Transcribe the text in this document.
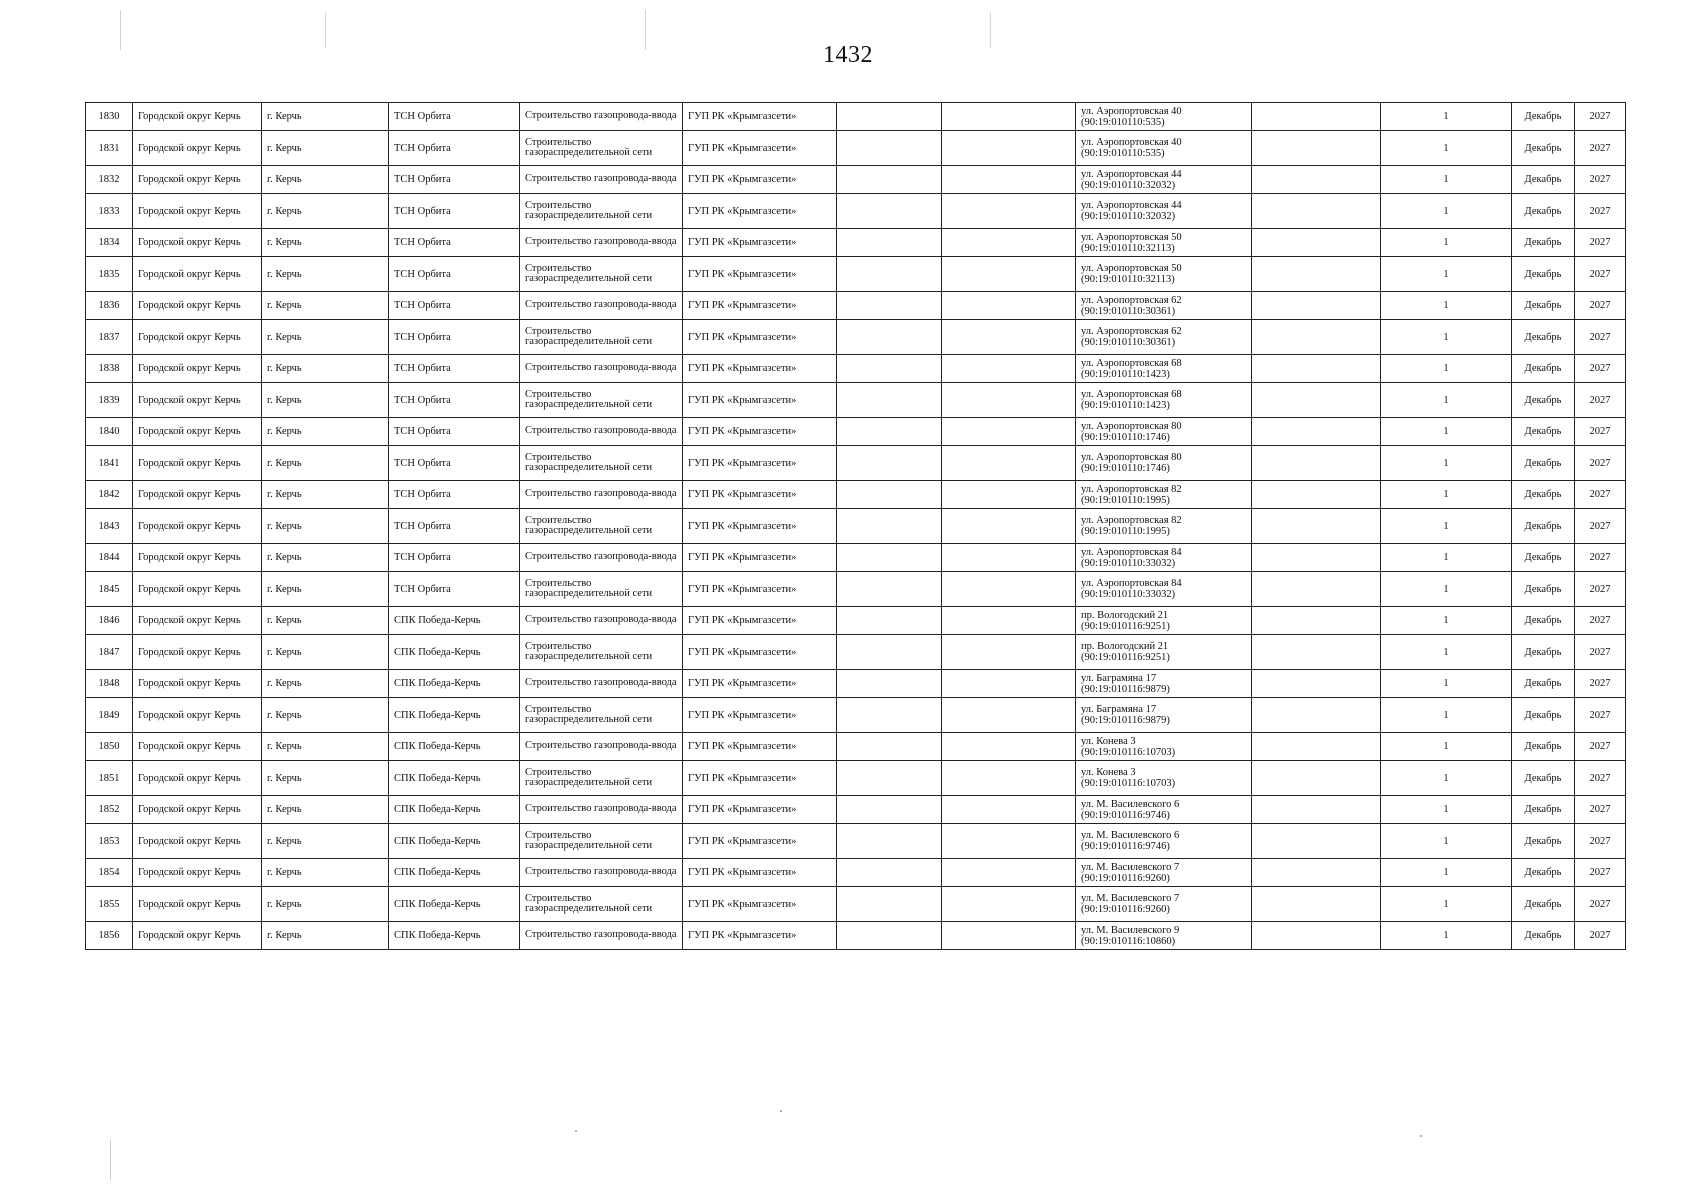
1432
1830	Городской округ Керчь	г. Керчь	ТСН Орбита	Строительство газопровода-ввода	ГУП РК «Крымгазсети»			ул. Аэропортовская 40
(90:19:010110:535)		1	Декабрь	2027
1831	Городской округ Керчь	г. Керчь	ТСН Орбита	Строительство газораспределительной сети	ГУП РК «Крымгазсети»			ул. Аэропортовская 40
(90:19:010110:535)		1	Декабрь	2027
1832	Городской округ Керчь	г. Керчь	ТСН Орбита	Строительство газопровода-ввода	ГУП РК «Крымгазсети»			ул. Аэропортовская 44
(90:19:010110:32032)		1	Декабрь	2027
1833	Городской округ Керчь	г. Керчь	ТСН Орбита	Строительство газораспределительной сети	ГУП РК «Крымгазсети»			ул. Аэропортовская 44
(90:19:010110:32032)		1	Декабрь	2027
1834	Городской округ Керчь	г. Керчь	ТСН Орбита	Строительство газопровода-ввода	ГУП РК «Крымгазсети»			ул. Аэропортовская 50
(90:19:010110:32113)		1	Декабрь	2027
1835	Городской округ Керчь	г. Керчь	ТСН Орбита	Строительство газораспределительной сети	ГУП РК «Крымгазсети»			ул. Аэропортовская 50
(90:19:010110:32113)		1	Декабрь	2027
1836	Городской округ Керчь	г. Керчь	ТСН Орбита	Строительство газопровода-ввода	ГУП РК «Крымгазсети»			ул. Аэропортовская 62
(90:19:010110:30361)		1	Декабрь	2027
1837	Городской округ Керчь	г. Керчь	ТСН Орбита	Строительство газораспределительной сети	ГУП РК «Крымгазсети»			ул. Аэропортовская 62
(90:19:010110:30361)		1	Декабрь	2027
1838	Городской округ Керчь	г. Керчь	ТСН Орбита	Строительство газопровода-ввода	ГУП РК «Крымгазсети»			ул. Аэропортовская 68
(90:19:010110:1423)		1	Декабрь	2027
1839	Городской округ Керчь	г. Керчь	ТСН Орбита	Строительство газораспределительной сети	ГУП РК «Крымгазсети»			ул. Аэропортовская 68
(90:19:010110:1423)		1	Декабрь	2027
1840	Городской округ Керчь	г. Керчь	ТСН Орбита	Строительство газопровода-ввода	ГУП РК «Крымгазсети»			ул. Аэропортовская 80
(90:19:010110:1746)		1	Декабрь	2027
1841	Городской округ Керчь	г. Керчь	ТСН Орбита	Строительство газораспределительной сети	ГУП РК «Крымгазсети»			ул. Аэропортовская 80
(90:19:010110:1746)		1	Декабрь	2027
1842	Городской округ Керчь	г. Керчь	ТСН Орбита	Строительство газопровода-ввода	ГУП РК «Крымгазсети»			ул. Аэропортовская 82
(90:19:010110:1995)		1	Декабрь	2027
1843	Городской округ Керчь	г. Керчь	ТСН Орбита	Строительство газораспределительной сети	ГУП РК «Крымгазсети»			ул. Аэропортовская 82
(90:19:010110:1995)		1	Декабрь	2027
1844	Городской округ Керчь	г. Керчь	ТСН Орбита	Строительство газопровода-ввода	ГУП РК «Крымгазсети»			ул. Аэропортовская 84
(90:19:010110:33032)		1	Декабрь	2027
1845	Городской округ Керчь	г. Керчь	ТСН Орбита	Строительство газораспределительной сети	ГУП РК «Крымгазсети»			ул. Аэропортовская 84
(90:19:010110:33032)		1	Декабрь	2027
1846	Городской округ Керчь	г. Керчь	СПК Победа-Керчь	Строительство газопровода-ввода	ГУП РК «Крымгазсети»			пр. Вологодский 21
(90:19:010116:9251)		1	Декабрь	2027
1847	Городской округ Керчь	г. Керчь	СПК Победа-Керчь	Строительство газораспределительной сети	ГУП РК «Крымгазсети»			пр. Вологодский 21
(90:19:010116:9251)		1	Декабрь	2027
1848	Городской округ Керчь	г. Керчь	СПК Победа-Керчь	Строительство газопровода-ввода	ГУП РК «Крымгазсети»			ул. Баграмяна 17
(90:19:010116:9879)		1	Декабрь	2027
1849	Городской округ Керчь	г. Керчь	СПК Победа-Керчь	Строительство газораспределительной сети	ГУП РК «Крымгазсети»			ул. Баграмяна 17
(90:19:010116:9879)		1	Декабрь	2027
1850	Городской округ Керчь	г. Керчь	СПК Победа-Керчь	Строительство газопровода-ввода	ГУП РК «Крымгазсети»			ул. Конева 3
(90:19:010116:10703)		1	Декабрь	2027
1851	Городской округ Керчь	г. Керчь	СПК Победа-Керчь	Строительство газораспределительной сети	ГУП РК «Крымгазсети»			ул. Конева 3
(90:19:010116:10703)		1	Декабрь	2027
1852	Городской округ Керчь	г. Керчь	СПК Победа-Керчь	Строительство газопровода-ввода	ГУП РК «Крымгазсети»			ул. М. Василевского 6
(90:19:010116:9746)		1	Декабрь	2027
1853	Городской округ Керчь	г. Керчь	СПК Победа-Керчь	Строительство газораспределительной сети	ГУП РК «Крымгазсети»			ул. М. Василевского 6
(90:19:010116:9746)		1	Декабрь	2027
1854	Городской округ Керчь	г. Керчь	СПК Победа-Керчь	Строительство газопровода-ввода	ГУП РК «Крымгазсети»			ул. М. Василевского 7
(90:19:010116:9260)		1	Декабрь	2027
1855	Городской округ Керчь	г. Керчь	СПК Победа-Керчь	Строительство газораспределительной сети	ГУП РК «Крымгазсети»			ул. М. Василевского 7
(90:19:010116:9260)		1	Декабрь	2027
1856	Городской округ Керчь	г. Керчь	СПК Победа-Керчь	Строительство газопровода-ввода	ГУП РК «Крымгазсети»			ул. М. Василевского 9
(90:19:010116:10860)		1	Декабрь	2027
